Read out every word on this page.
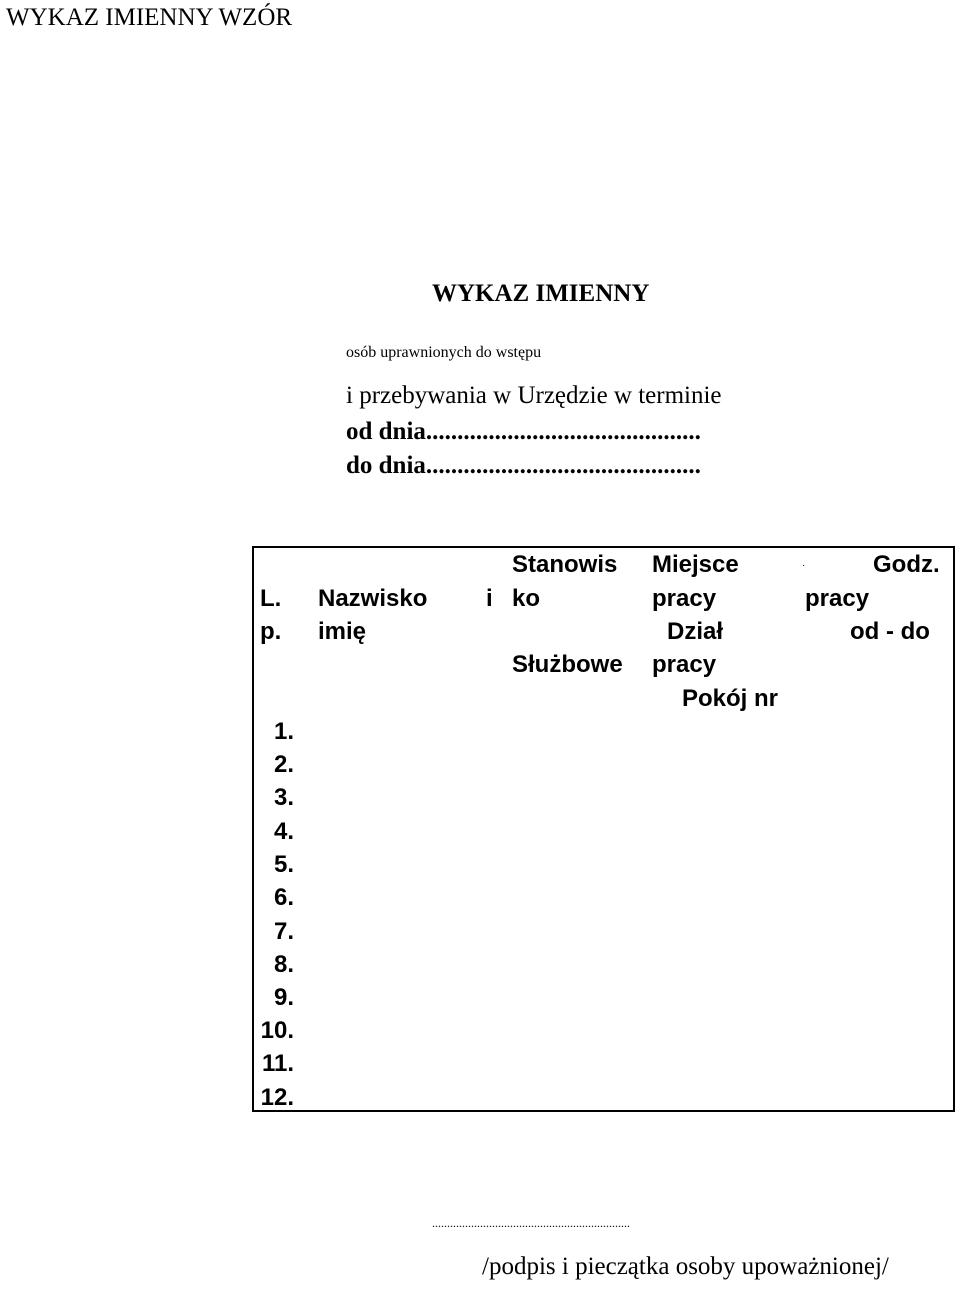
WYKAZ IMIENNY WZÓR
WYKAZ IMIENNY
osób uprawnionych do wstępu
i przebywania w Urzędzie w terminie
od dnia............................................
do dnia............................................
L.
p.
Nazwisko i
imię
Stanowis
ko
Służbowe
Miejsce
pracy
Dział
pracy
Pokój nr
·	Godz.
pracy
od - do
1.
2.
3.
4.
5.
6.
7.
8.
9.
10.
11.
12.
..................................................................
/podpis i pieczątka osoby upoważnionej/
